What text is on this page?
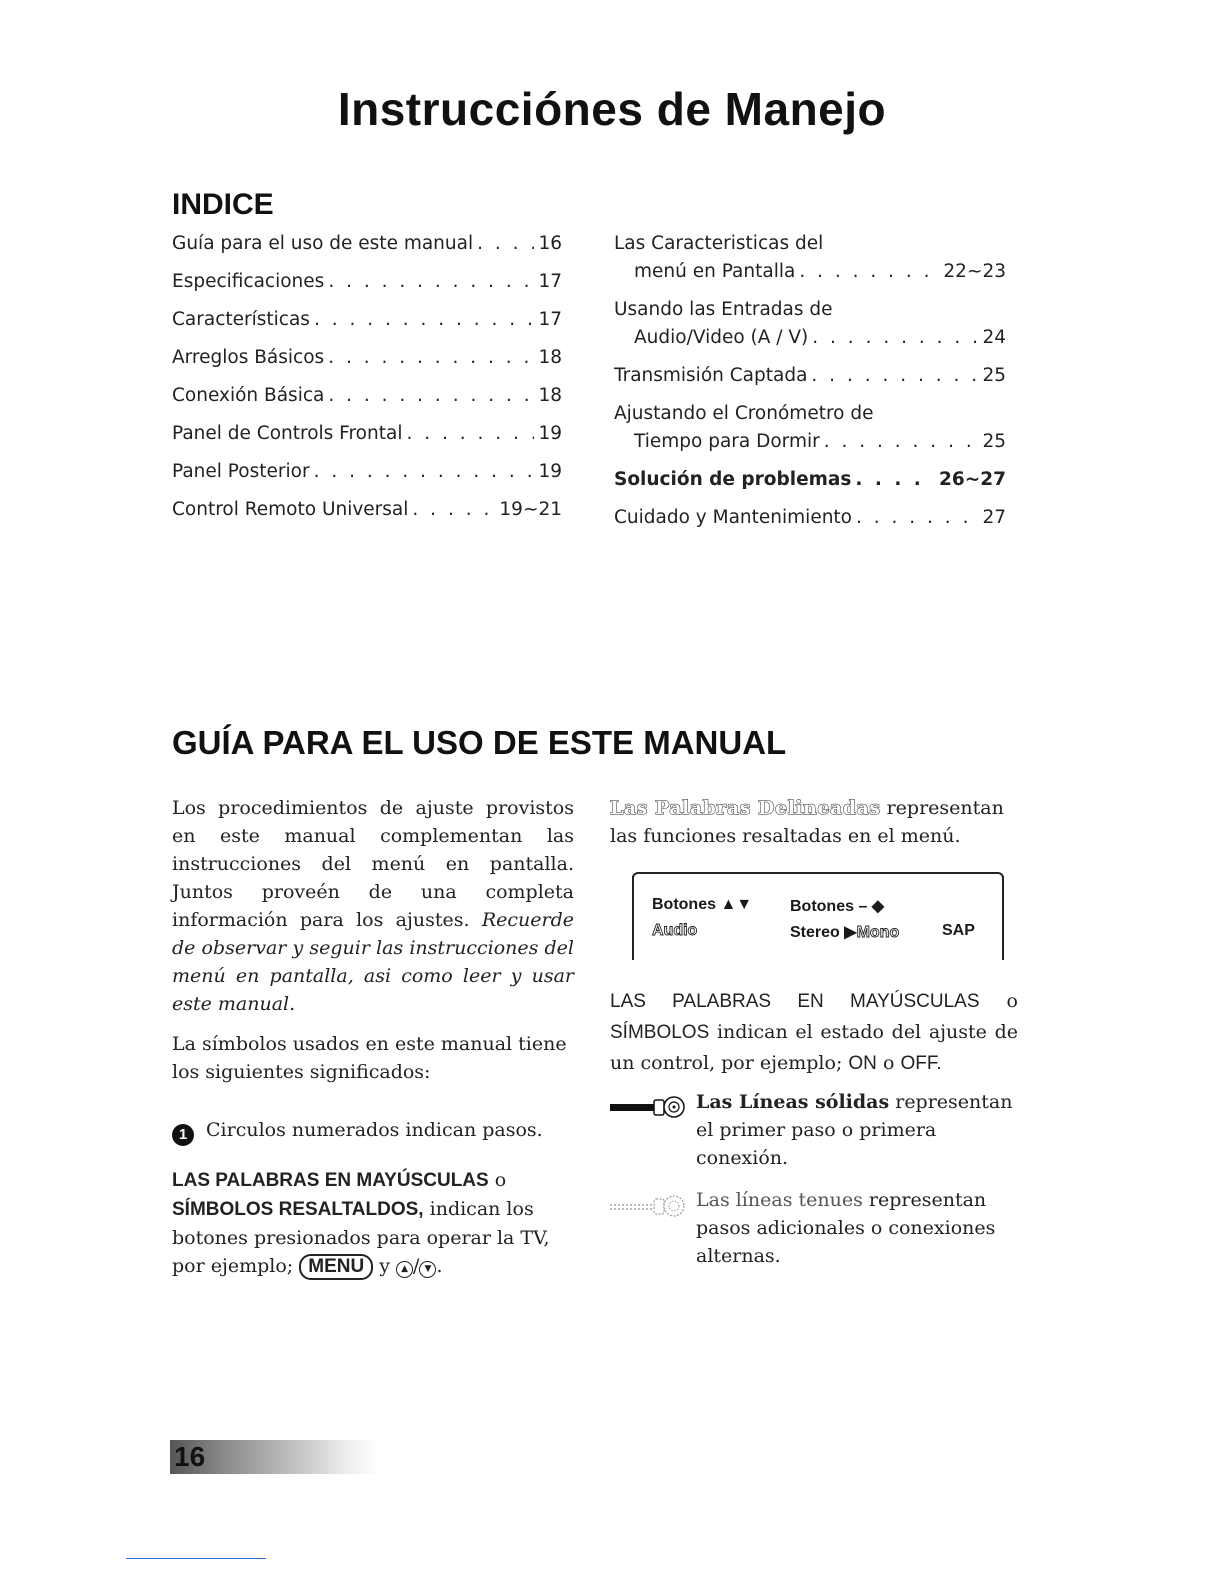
Instrucciónes de Manejo
INDICE
Guía para el uso de este manual . . .	16
Especificaciones . . .	17
Características . . .	17
Arreglos Básicos . . .	18
Conexión Básica . . .	18
Panel de Controls Frontal . . .	19
Panel Posterior . . .	19
Control Remoto Universal . . .	19~21
Las Caracteristicas del
menú en Pantalla . . .	22~23
Usando las Entradas de
Audio/Video (A / V) . . .	24
Transmisión Captada . . .	25
Ajustando el Cronómetro de
Tiempo para Dormir . . .	25
Solución de problemas . . .	26~27
Cuidado y Mantenimiento . . .	27
GUÍA PARA EL USO DE ESTE MANUAL

Los procedimientos de ajuste provistos en este manual complementan las instrucciones del menú en pantalla. Juntos proveén de una completa información para los ajustes. Recuerde de observar y seguir las instrucciones del menú en pantalla, asi como leer y usar este manual.

La símbolos usados en este manual tiene los siguientes significados:

1 Circulos numerados indican pasos.

LAS PALABRAS EN MAYÚSCULAS o SÍMBOLOS RESALTALDOS, indican los botones presionados para operar la TV, por ejemplo; MENU y ▲ / ▼ .

Las Palabras Delineadas representan las funciones resaltadas en el menú.

Botones ▲▼ Botones – ◆
Audio	Stereo ▶Mono	SAP

LAS PALABRAS EN MAYÚSCULAS o SÍMBOLOS indican el estado del ajuste de un control, por ejemplo; ON o OFF.

Las Líneas sólidas representan el primer paso o primera conexión.
Las líneas tenues representan pasos adicionales o conexiones alternas.
16
